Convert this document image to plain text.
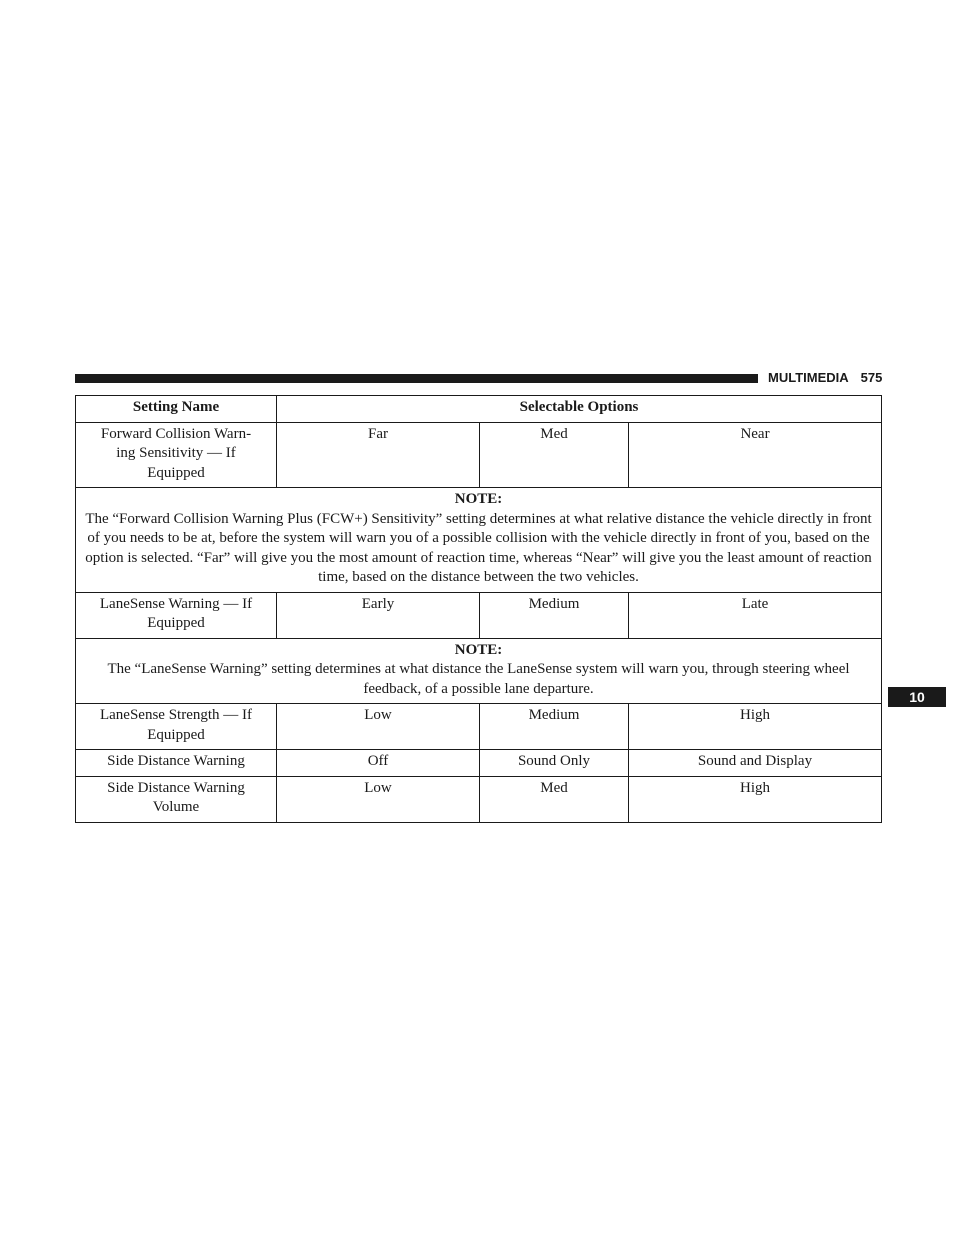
MULTIMEDIA 575
10
Setting Name	Selectable Options		
Forward Collision Warn-
ing Sensitivity — If
Equipped	Far	Med	Near

NOTE:
The “Forward Collision Warning Plus (FCW+) Sensitivity” setting determines at what relative distance the vehicle directly in front of you needs to be at, before the system will warn you of a possible collision with the vehicle directly in front of you, based on the option is selected. “Far” will give you the most amount of reaction time, whereas “Near” will give you the least amount of reaction time, based on the distance between the two vehicles.			
LaneSense Warning — If
Equipped	Early	Medium	Late

NOTE:
The “LaneSense Warning” setting determines at what distance the LaneSense system will warn you, through steering wheel feedback, of a possible lane departure.			
LaneSense Strength — If
Equipped	Low	Medium	High
Side Distance Warning	Off	Sound Only	Sound and Display
Side Distance Warning
Volume	Low	Med	High
